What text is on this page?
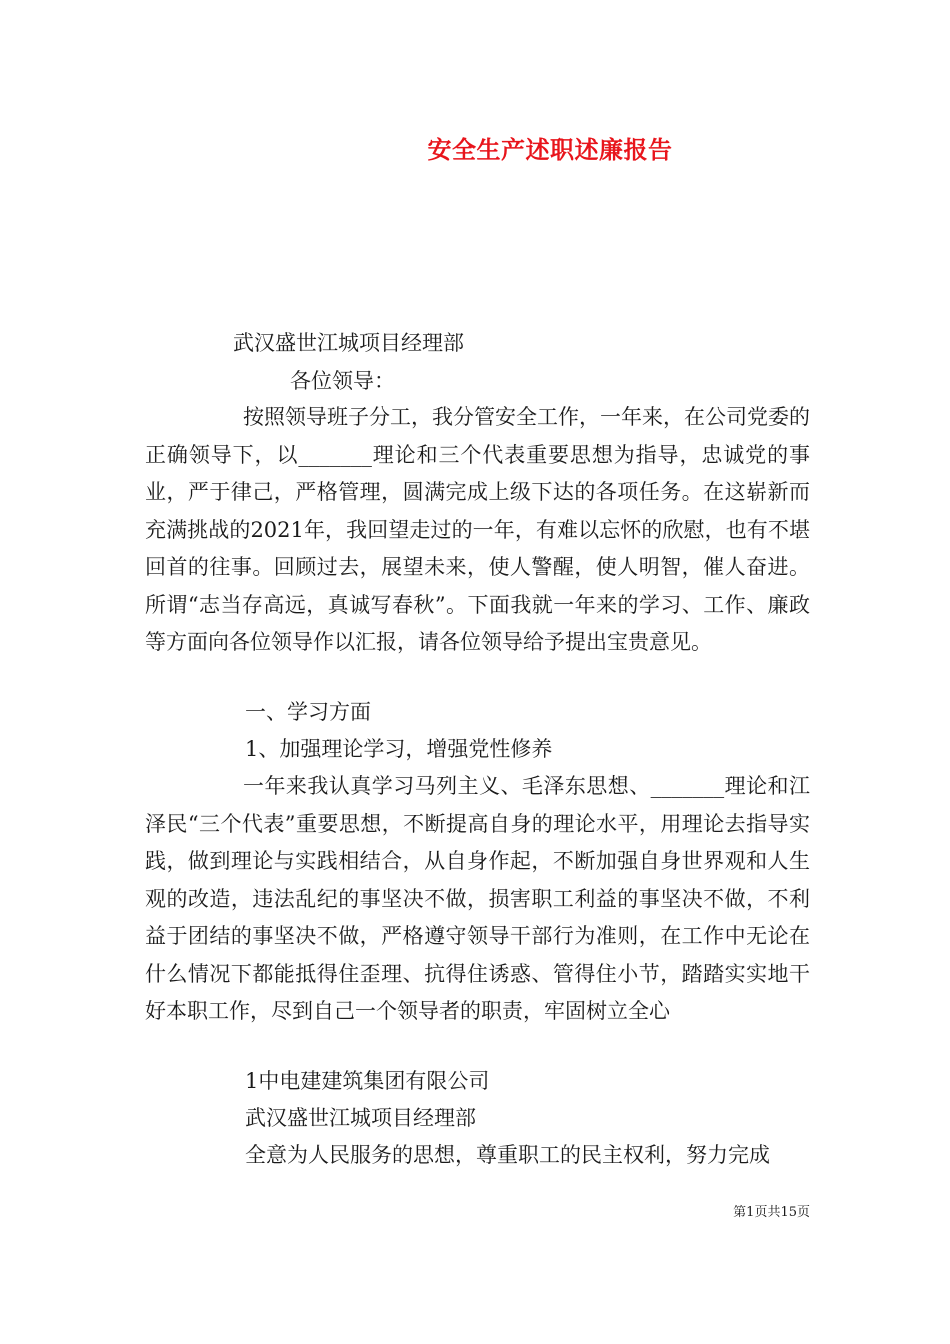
安全生产述职述廉报告
武汉盛世江城项目经理部
各位领导：
按照领导班子分工，我分管安全工作，一年来，在公司党委的正确领导下，以_______理论和三个代表重要思想为指导，忠诚党的事业，严于律己，严格管理，圆满完成上级下达的各项任务。在这崭新而充满挑战的2021年，我回望走过的一年，有难以忘怀的欣慰，也有不堪回首的往事。回顾过去，展望未来，使人警醒，使人明智，催人奋进。所谓“志当存高远，真诚写春秋”。下面我就一年来的学习、工作、廉政等方面向各位领导作以汇报，请各位领导给予提出宝贵意见。
一、学习方面
1、加强理论学习，增强党性修养
一年来我认真学习马列主义、毛泽东思想、_______理论和江泽民“三个代表”重要思想，不断提高自身的理论水平，用理论去指导实践，做到理论与实践相结合，从自身作起，不断加强自身世界观和人生观的改造，违法乱纪的事坚决不做，损害职工利益的事坚决不做，不利益于团结的事坚决不做，严格遵守领导干部行为准则，在工作中无论在什么情况下都能抵得住歪理、抗得住诱惑、管得住小节，踏踏实实地干好本职工作，尽到自己一个领导者的职责，牢固树立全心
1中电建建筑集团有限公司
武汉盛世江城项目经理部
全意为人民服务的思想，尊重职工的民主权利，努力完成
第1页共15页
